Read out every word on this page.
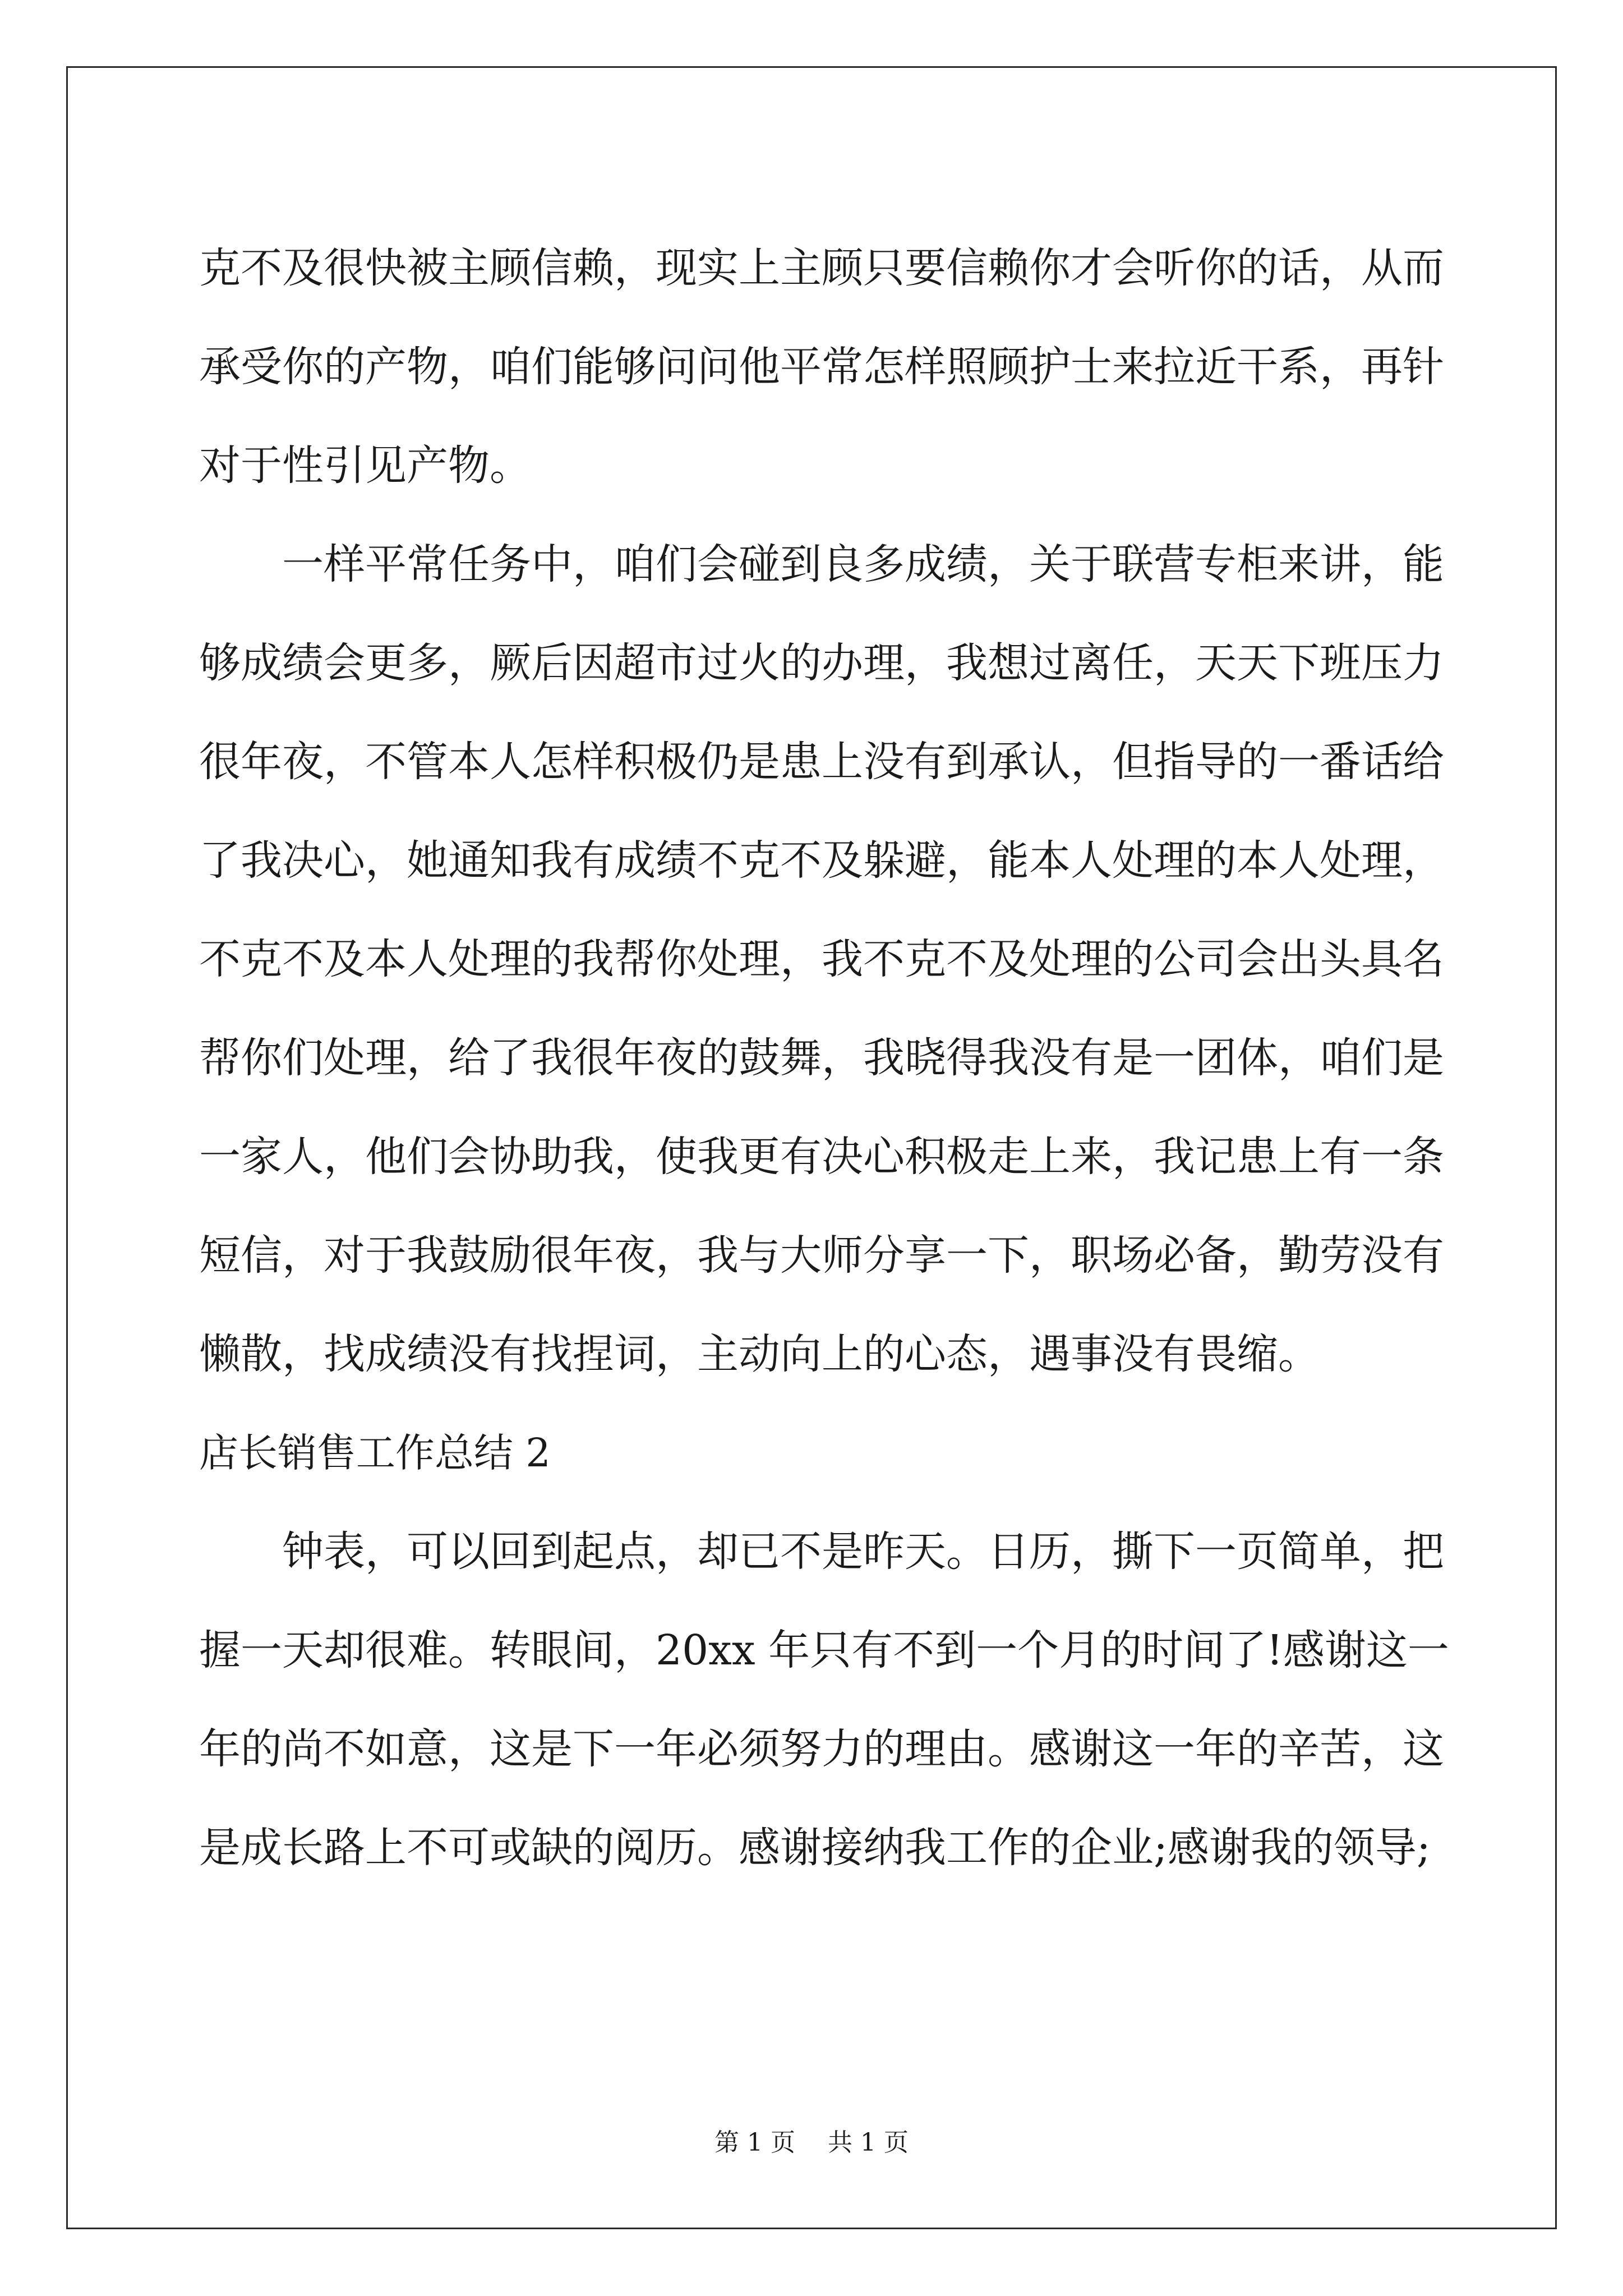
克不及很快被主顾信赖，现实上主顾只要信赖你才会听你的话，从而
承受你的产物，咱们能够问问他平常怎样照顾护士来拉近干系，再针
对于性引见产物。
　　一样平常任务中，咱们会碰到良多成绩，关于联营专柜来讲，能
够成绩会更多，厥后因超市过火的办理，我想过离任，天天下班压力
很年夜，不管本人怎样积极仍是患上没有到承认，但指导的一番话给
了我决心，她通知我有成绩不克不及躲避，能本人处理的本人处理，
不克不及本人处理的我帮你处理，我不克不及处理的公司会出头具名
帮你们处理，给了我很年夜的鼓舞，我晓得我没有是一团体，咱们是
一家人，他们会协助我，使我更有决心积极走上来，我记患上有一条
短信，对于我鼓励很年夜，我与大师分享一下，职场必备，勤劳没有
懒散，找成绩没有找捏词，主动向上的心态，遇事没有畏缩。
店长销售工作总结 2
　　钟表，可以回到起点，却已不是昨天。日历，撕下一页简单，把
握一天却很难。转眼间，20xx 年只有不到一个月的时间了!感谢这一
年的尚不如意，这是下一年必须努力的理由。感谢这一年的辛苦，这
是成长路上不可或缺的阅历。感谢接纳我工作的企业;感谢我的领导;
第 1 页　 共 1 页
